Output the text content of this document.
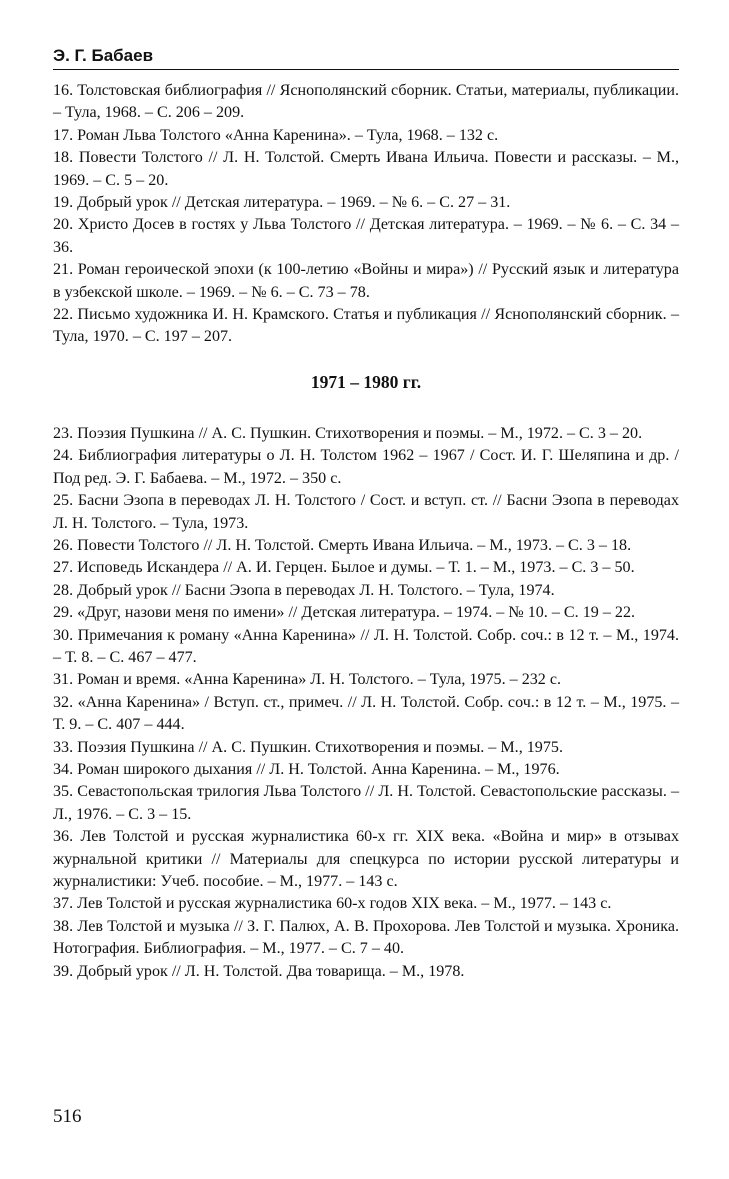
Э. Г. Бабаев

16. Толстовская библиография // Яснополянский сборник. Статьи, материалы, публикации. – Тула, 1968. – С. 206 – 209.

17. Роман Льва Толстого «Анна Каренина». – Тула, 1968. – 132 с.

18. Повести Толстого // Л. Н. Толстой. Смерть Ивана Ильича. Повести и рассказы. – М., 1969. – С. 5 – 20.

19. Добрый урок // Детская литература. – 1969. – № 6. – С. 27 – 31.

20. Христо Досев в гостях у Льва Толстого // Детская литература. – 1969. – № 6. – С. 34 – 36.

21. Роман героической эпохи (к 100-летию «Войны и мира») // Русский язык и литература в узбекской школе. – 1969. – № 6. – С. 73 – 78.

22. Письмо художника И. Н. Крамского. Статья и публикация // Яснополянский сборник. – Тула, 1970. – С. 197 – 207.

1971 – 1980 гг.

23. Поэзия Пушкина // А. С. Пушкин. Стихотворения и поэмы. – М., 1972. – С. 3 – 20.

24. Библиография литературы о Л. Н. Толстом 1962 – 1967 / Сост. И. Г. Шеляпина и др. / Под ред. Э. Г. Бабаева. – М., 1972. – 350 с.

25. Басни Эзопа в переводах Л. Н. Толстого / Сост. и вступ. ст. // Басни Эзопа в переводах Л. Н. Толстого. – Тула, 1973.

26. Повести Толстого // Л. Н. Толстой. Смерть Ивана Ильича. – М., 1973. – С. 3 – 18.

27. Исповедь Искандера // А. И. Герцен. Былое и думы. – Т. 1. – М., 1973. – С. 3 – 50.

28. Добрый урок // Басни Эзопа в переводах Л. Н. Толстого. – Тула, 1974.

29. «Друг, назови меня по имени» // Детская литература. – 1974. – № 10. – С. 19 – 22.

30. Примечания к роману «Анна Каренина» // Л. Н. Толстой. Собр. соч.: в 12 т. – М., 1974. – Т. 8. – С. 467 – 477.

31. Роман и время. «Анна Каренина» Л. Н. Толстого. – Тула, 1975. – 232 с.

32. «Анна Каренина» / Вступ. ст., примеч. // Л. Н. Толстой. Собр. соч.: в 12 т. – М., 1975. – Т. 9. – С. 407 – 444.

33. Поэзия Пушкина // А. С. Пушкин. Стихотворения и поэмы. – М., 1975.

34. Роман широкого дыхания // Л. Н. Толстой. Анна Каренина. – М., 1976.

35. Севастопольская трилогия Льва Толстого // Л. Н. Толстой. Севастопольские рассказы. – Л., 1976. – С. 3 – 15.

36. Лев Толстой и русская журналистика 60-х гг. XIX века. «Война и мир» в отзывах журнальной критики // Материалы для спецкурса по истории русской литературы и журналистики: Учеб. пособие. – М., 1977. – 143 с.

37. Лев Толстой и русская журналистика 60-х годов XIX века. – М., 1977. – 143 с.

38. Лев Толстой и музыка // З. Г. Палюх, А. В. Прохорова. Лев Толстой и музыка. Хроника. Нотография. Библиография. – М., 1977. – С. 7 – 40.

39. Добрый урок // Л. Н. Толстой. Два товарища. – М., 1978.

516
